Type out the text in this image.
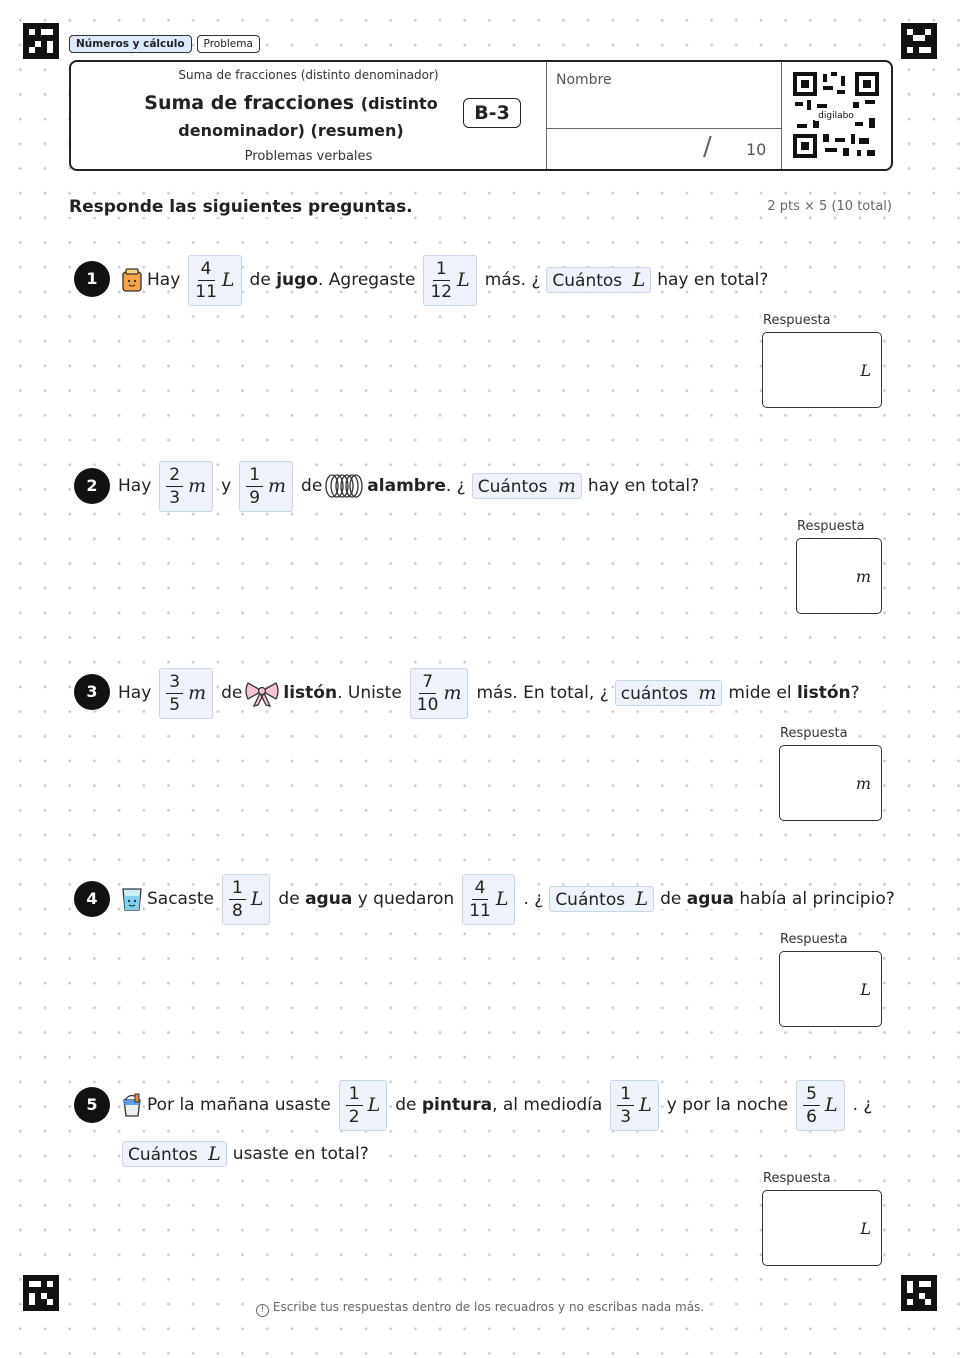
Números y cálculo	Problema
Suma de fracciones (distinto denominador)
Suma de fracciones (distinto
denominador) (resumen)
Problemas verbales
B-3
Nombre
/ 10
digilabo
Responde las siguientes preguntas.	2 pts × 5 (10 total)
1	Hay
4
11
L de jugo. Agregaste
1
12
L más. ¿ Cuántos L hay en total?
Respuesta
L
2	Hay
2
3
m y
1
9
m de	alambre. ¿ Cuántos m hay en total?
Respuesta
m
3	Hay
3
5
m de listón. Uniste
7
10
m más. En total, ¿ cuántos m mide el listón?
Respuesta
m
4	Sacaste
1
8
L de agua y quedaron
4
11
L . ¿ Cuántos L de agua había al principio?
Respuesta
L
5	Por la mañana usaste
1
2
L de pintura, al mediodía
1
3
L y por la noche
5
6
L . ¿
Cuántos L usaste en total?
Respuesta
L
! Escribe tus respuestas dentro de los recuadros y no escribas nada más.
